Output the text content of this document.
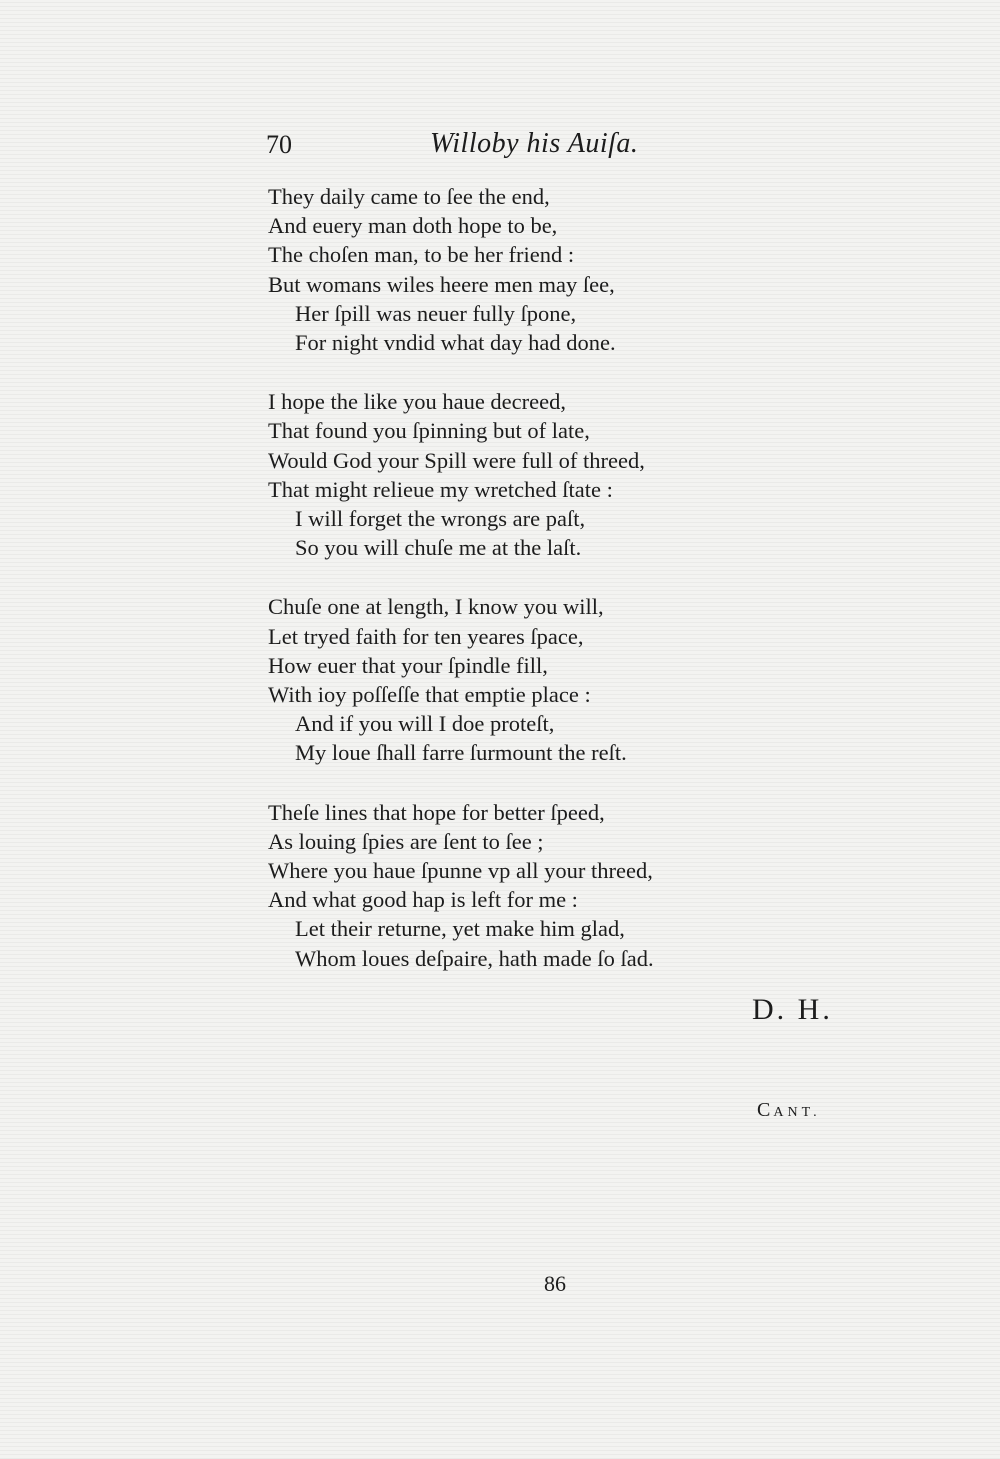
70	Willoby his Auiſa.
They daily came to ſee the end,
And euery man doth hope to be,
The choſen man, to be her friend :
But womans wiles heere men may ſee,
Her ſpill was neuer fully ſpone,
For night vndid what day had done.
I hope the like you haue decreed,
That found you ſpinning but of late,
Would God your Spill were full of threed,
That might relieue my wretched ſtate :
I will forget the wrongs are paſt,
So you will chuſe me at the laſt.
Chuſe one at length, I know you will,
Let tryed faith for ten yeares ſpace,
How euer that your ſpindle fill,
With ioy poſſeſſe that emptie place :
And if you will I doe proteſt,
My loue ſhall farre ſurmount the reſt.
Theſe lines that hope for better ſpeed,
As louing ſpies are ſent to ſee ;
Where you haue ſpunne vp all your threed,
And what good hap is left for me :
Let their returne, yet make him glad,
Whom loues deſpaire, hath made ſo ſad.
D. H.
CANT.
86
